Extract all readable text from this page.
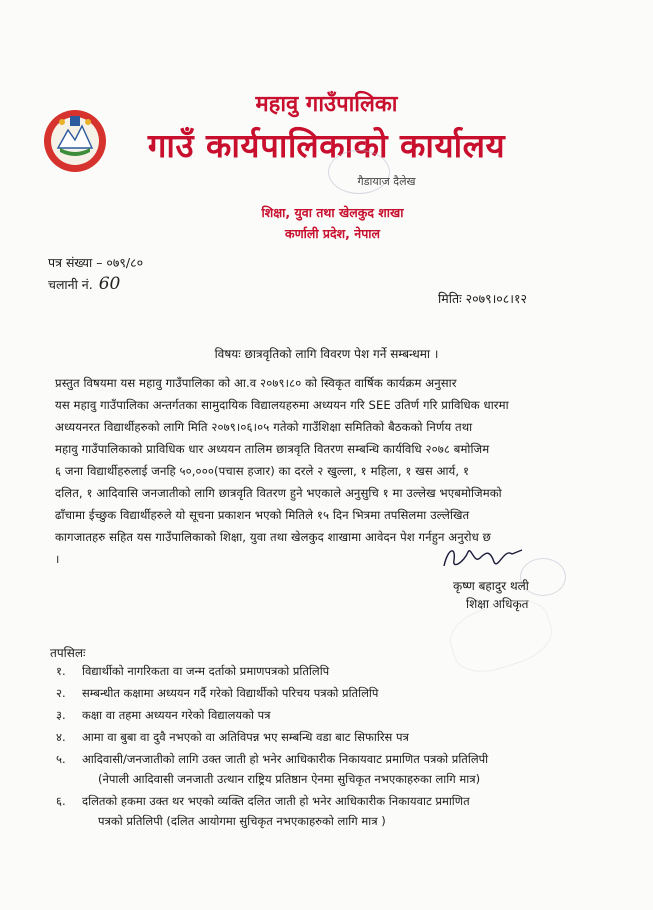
महावु गाउँपालिका
गाउँ कार्यपालिकाको कार्यालय
गैडायाज दैलेख
शिक्षा, युवा तथा खेलकुद शाखा
कर्णाली प्रदेश, नेपाल
पत्र संख्या – ०७९/८०
चलानी नं. 60
मितिः २०७९।०८।१२
विषयः छात्रवृतिको लागि विवरण पेश गर्ने सम्बन्धमा ।
प्रस्तुत विषयमा यस महावु गाउँपालिका को आ.व २०७९।८० को स्विकृत वार्षिक कार्यक्रम अनुसार
यस महावु गाउँपालिका अन्तर्गतका सामुदायिक विद्यालयहरुमा अध्ययन गरि SEE उतिर्ण गरि प्राविधिक धारमा
अध्ययनरत विद्यार्थीहरुको लागि मिति २०७९।०६।०५ गतेको गाउँशिक्षा समितिको बैठकको निर्णय तथा
महावु गाउँपालिकाको प्राविधिक धार अध्ययन तालिम छात्रवृति वितरण सम्बन्धि कार्यविधि २०७८ बमोजिम
६ जना विद्यार्थीहरुलाई जनहि ५०,०००(पचास हजार) का दरले २ खुल्ला, १ महिला, १ खस आर्य, १
दलित, १ आदिवासि जनजातीको लागि छात्रवृति वितरण हुने भएकाले अनुसुचि १ मा उल्लेख भएबमोजिमको
ढाँचामा ईच्छुक विद्यार्थीहरुले यो सूचना प्रकाशन भएको मितिले १५ दिन भित्रमा तपसिलमा उल्लेखित
कागजातहरु सहित यस गाउँपालिकाको शिक्षा, युवा तथा खेलकुद शाखामा आवेदन पेश गर्नहुन अनुरोध छ
।
कृष्ण बहादुर थली
शिक्षा अधिकृत
तपसिलः
१. विद्यार्थीको नागरिकता वा जन्म दर्ताको प्रमाणपत्रको प्रतिलिपि
२. सम्बन्धीत कक्षामा अध्ययन गर्दै गरेको विद्यार्थीको परिचय पत्रको प्रतिलिपि
३. कक्षा वा तहमा अध्ययन गरेको विद्यालयको पत्र
४. आमा वा बुबा वा दुवै नभएको वा अतिविपन्न भए सम्बन्धि वडा बाट सिफारिस पत्र
५. आदिवासी/जनजातीको लागि उक्त जाती हो भनेर आधिकारीक निकायवाट प्रमाणित पत्रको प्रतिलिपी
(नेपाली आदिवासी जनजाती उत्थान राष्ट्रिय प्रतिष्ठान ऐनमा सुचिकृत नभएकाहरुका लागि मात्र)
६. दलितको हकमा उक्त थर भएको व्यक्ति दलित जाती हो भनेर आधिकारीक निकायवाट प्रमाणित
पत्रको प्रतिलिपी (दलित आयोगमा सुचिकृत नभएकाहरुको लागि मात्र )
